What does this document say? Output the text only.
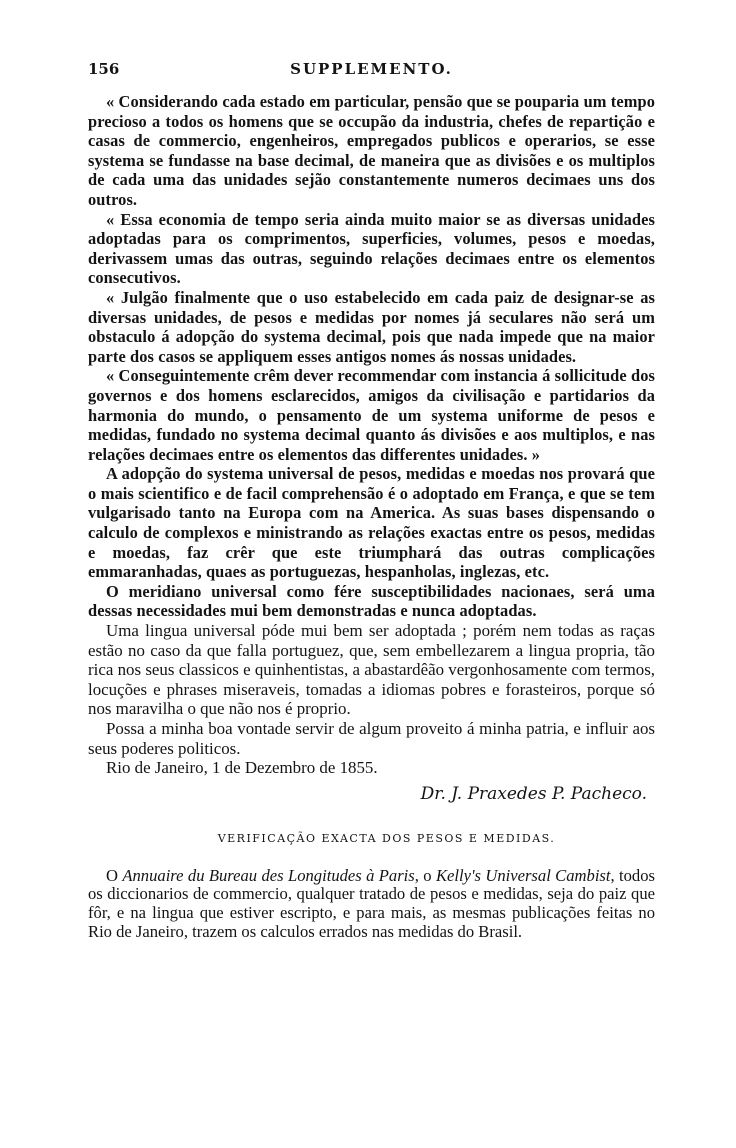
156	SUPPLEMENTO.

« Considerando cada estado em particular, pensão que se pouparia um tempo precioso a todos os homens que se occupão da industria, chefes de repartição e casas de commercio, engenheiros, empregados publicos e operarios, se esse systema se fundasse na base decimal, de maneira que as divisões e os multiplos de cada uma das unidades sejão constantemente numeros decimaes uns dos outros.

« Essa economia de tempo seria ainda muito maior se as diversas unidades adoptadas para os comprimentos, superficies, volumes, pesos e moedas, derivassem umas das outras, seguindo relações decimaes entre os elementos consecutivos.

« Julgão finalmente que o uso estabelecido em cada paiz de designar-se as diversas unidades, de pesos e medidas por nomes já seculares não será um obstaculo á adopção do systema decimal, pois que nada impede que na maior parte dos casos se appliquem esses antigos nomes ás nossas unidades.

« Conseguintemente crêm dever recommendar com instancia á sollicitude dos governos e dos homens esclarecidos, amigos da civilisação e partidarios da harmonia do mundo, o pensamento de um systema uniforme de pesos e medidas, fundado no systema decimal quanto ás divisões e aos multiplos, e nas relações decimaes entre os elementos das differentes unidades. »

A adopção do systema universal de pesos, medidas e moedas nos provará que o mais scientifico e de facil comprehensão é o adoptado em França, e que se tem vulgarisado tanto na Europa com na America. As suas bases dispensando o calculo de complexos e ministrando as relações exactas entre os pesos, medidas e moedas, faz crêr que este triumphará das outras complicações emmaranhadas, quaes as portuguezas, hespanholas, inglezas, etc.

O meridiano universal como fére susceptibilidades nacionaes, será uma dessas necessidades mui bem demonstradas e nunca adoptadas.

Uma lingua universal póde mui bem ser adoptada ; porém nem todas as raças estão no caso da que falla portuguez, que, sem embellezarem a lingua propria, tão rica nos seus classicos e quinhentistas, a abastardêão vergonhosamente com termos, locuções e phrases miseraveis, tomadas a idiomas pobres e forasteiros, porque só nos maravilha o que não nos é proprio.

Possa a minha boa vontade servir de algum proveito á minha patria, e influir aos seus poderes politicos.

Rio de Janeiro, 1 de Dezembro de 1855.

Dr. J. Praxedes P. Pacheco.
VERIFICAÇÃO EXACTA DOS PESOS E MEDIDAS.

O Annuaire du Bureau des Longitudes à Paris, o Kelly's Universal Cambist, todos os diccionarios de commercio, qualquer tratado de pesos e medidas, seja do paiz que fôr, e na lingua que estiver escripto, e para mais, as mesmas publicações feitas no Rio de Janeiro, trazem os calculos errados nas medidas do Brasil.
